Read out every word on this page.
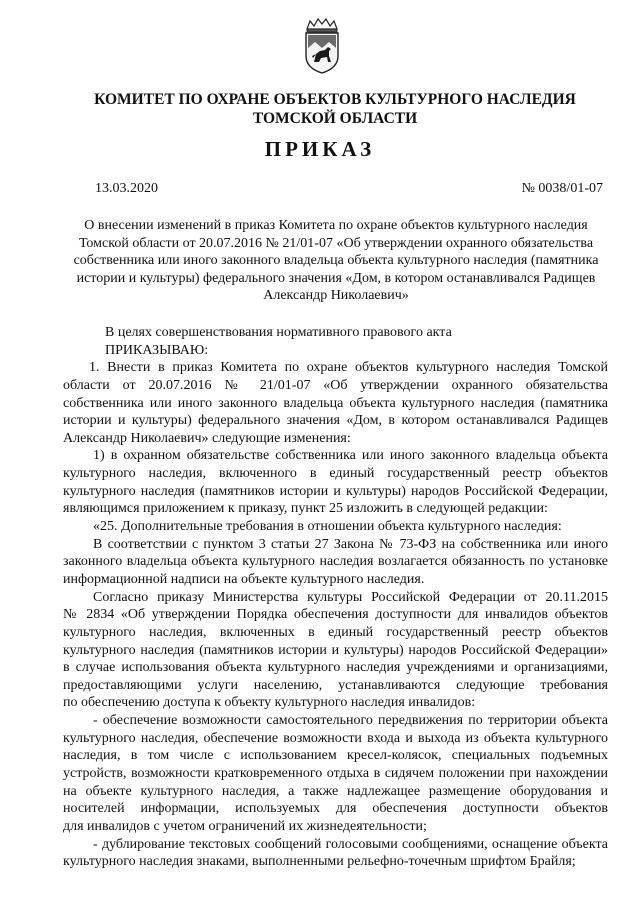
КОМИТЕТ ПО ОХРАНЕ ОБЪЕКТОВ КУЛЬТУРНОГО НАСЛЕДИЯ
ТОМСКОЙ ОБЛАСТИ
ПРИКАЗ
13.03.2020	№ 0038/01-07
О внесении изменений в приказ Комитета по охране объектов культурного наследия
Томской области от 20.07.2016 № 21/01-07 «Об утверждении охранного обязательства
собственника или иного законного владельца объекта культурного наследия (памятника
истории и культуры) федерального значения «Дом, в котором останавливался Радищев
Александр Николаевич»
В целях совершенствования нормативного правового акта
ПРИКАЗЫВАЮ:
1. Внести в приказ Комитета по охране объектов культурного наследия Томской
области от 20.07.2016 № 21/01-07 «Об утверждении охранного обязательства
собственника или иного законного владельца объекта культурного наследия (памятника
истории и культуры) федерального значения «Дом, в котором останавливался Радищев
Александр Николаевич» следующие изменения:
1) в охранном обязательстве собственника или иного законного владельца объекта
культурного наследия, включенного в единый государственный реестр объектов
культурного наследия (памятников истории и культуры) народов Российской Федерации,
являющимся приложением к приказу, пункт 25 изложить в следующей редакции:
«25. Дополнительные требования в отношении объекта культурного наследия:
В соответствии с пунктом 3 статьи 27 Закона № 73-ФЗ на собственника или иного
законного владельца объекта культурного наследия возлагается обязанность по установке
информационной надписи на объекте культурного наследия.
Согласно приказу Министерства культуры Российской Федерации от 20.11.2015
№ 2834 «Об утверждении Порядка обеспечения доступности для инвалидов объектов
культурного наследия, включенных в единый государственный реестр объектов
культурного наследия (памятников истории и культуры) народов Российской Федерации»
в случае использования объекта культурного наследия учреждениями и организациями,
предоставляющими услуги населению, устанавливаются следующие требования
по обеспечению доступа к объекту культурного наследия инвалидов:
- обеспечение возможности самостоятельного передвижения по территории объекта
культурного наследия, обеспечение возможности входа и выхода из объекта культурного
наследия, в том числе с использованием кресел-колясок, специальных подъемных
устройств, возможности кратковременного отдыха в сидячем положении при нахождении
на объекте культурного наследия, а также надлежащее размещение оборудования и
носителей информации, используемых для обеспечения доступности объектов
для инвалидов с учетом ограничений их жизнедеятельности;
- дублирование текстовых сообщений голосовыми сообщениями, оснащение объекта
культурного наследия знаками, выполненными рельефно-точечным шрифтом Брайля;
